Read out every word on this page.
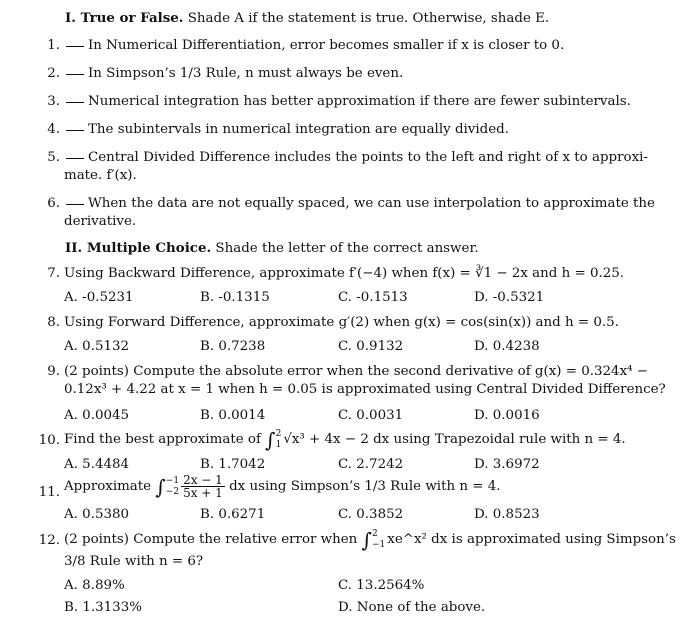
I. True or False. Shade A if the statement is true. Otherwise, shade E.
1.	In Numerical Differentiation, error becomes smaller if x is closer to 0.
2.	In Simpson’s 1/3 Rule, n must always be even.
3.	Numerical integration has better approximation if there are fewer subintervals.
4.	The subintervals in numerical integration are equally divided.
5.	Central Divided Difference includes the points to the left and right of x to approxi-
mate. f′(x).
6.	When the data are not equally spaced, we can use interpolation to approximate the
derivative.
II. Multiple Choice. Shade the letter of the correct answer.
7. Using Backward Difference, approximate f′(−4) when f(x) = ∛1 − 2x and h = 0.25.
A. -0.5231	B. -0.1315	C. -0.1513	D. -0.5321
8. Using Forward Difference, approximate g′(2) when g(x) = cos(sin(x)) and h = 0.5.
A. 0.5132	B. 0.7238	C. 0.9132	D. 0.4238
9. (2 points) Compute the absolute error when the second derivative of g(x) = 0.324x⁴ −
0.12x³ + 4.22 at x = 1 when h = 0.05 is approximated using Central Divided Difference?
A. 0.0045	B. 0.0014	C. 0.0031	D. 0.0016
10. Find the best approximate of ∫ 2
1 √x³ + 4x − 2 dx using Trapezoidal rule with n = 4.
A. 5.4484	B. 1.7042	C. 2.7242	D. 3.6972
11. Approximate ∫ −1
$-2 \frac{2x - 1}{5x + 1}$ dx using Simpson’s 1/3 Rule with n = 4.
A. 0.5380	B. 0.6271	C. 0.3852	D. 0.8523
12. (2 points) Compute the relative error when ∫ 2
−1 xe^x² dx is approximated using Simpson’s
3/8 Rule with n = 6?
A. 8.89%	C. 13.2564%
B. 1.3133%	D. None of the above.
